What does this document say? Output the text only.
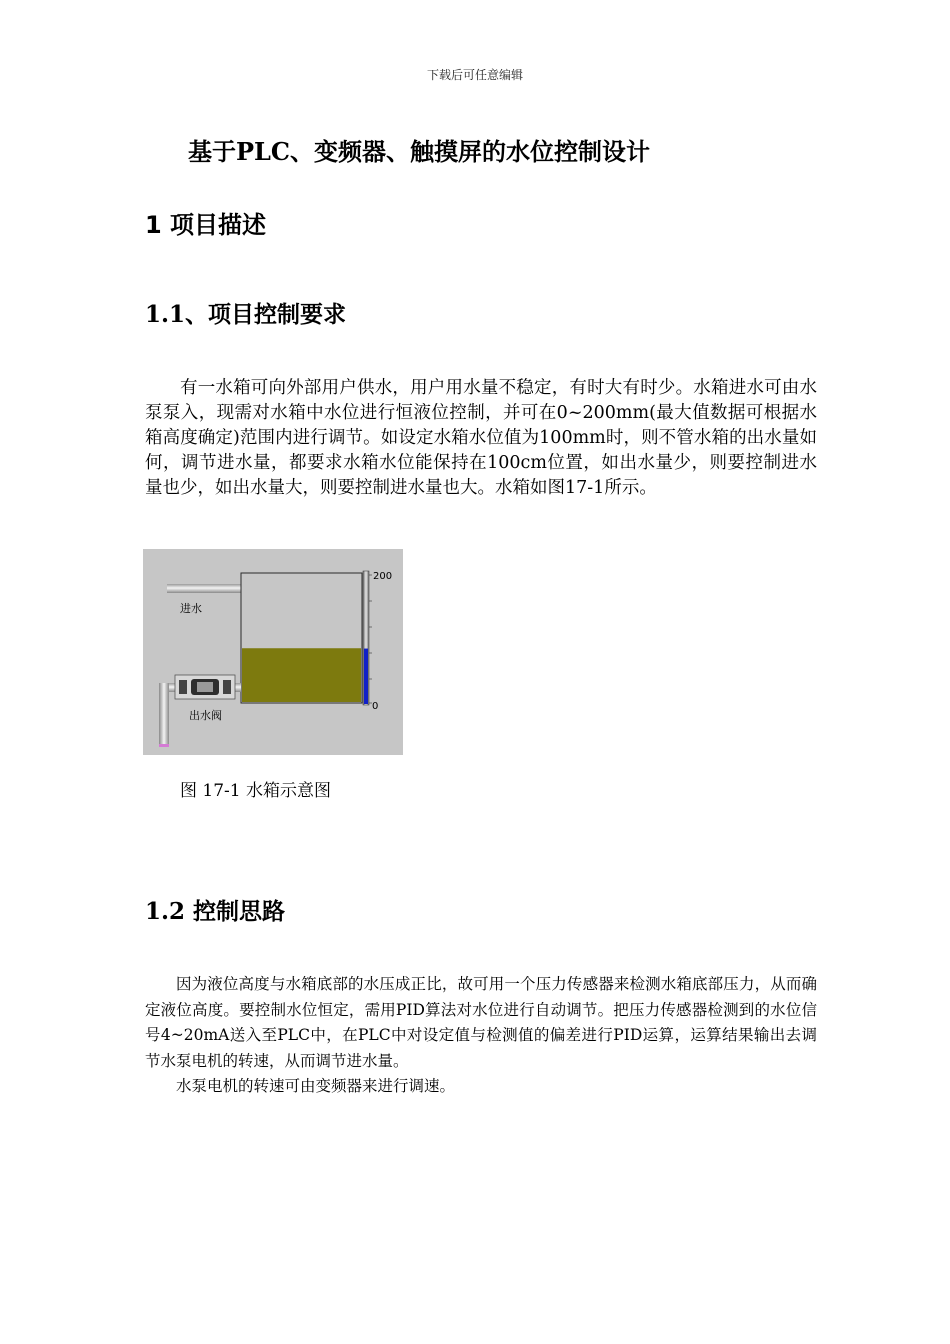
下载后可任意编辑
基于PLC、变频器、触摸屏的水位控制设计
1 项目描述
1.1、项目控制要求

有一水箱可向外部用户供水，用户用水量不稳定，有时大有时少。水箱进水可由水泵泵入，现需对水箱中水位进行恒液位控制，并可在0~200mm(最大值数据可根据水箱高度确定)范围内进行调节。如设定水箱水位值为100mm时，则不管水箱的出水量如何，调节进水量，都要求水箱水位能保持在100cm位置，如出水量少，则要控制进水量也少，如出水量大，则要控制进水量也大。水箱如图17-1所示。

200
0
进水
出水阀
图 17-1 水箱示意图
1.2 控制思路

因为液位高度与水箱底部的水压成正比，故可用一个压力传感器来检测水箱底部压力，从而确定液位高度。要控制水位恒定，需用PID算法对水位进行自动调节。把压力传感器检测到的水位信号4~20mA送入至PLC中，在PLC中对设定值与检测值的偏差进行PID运算，运算结果输出去调节水泵电机的转速，从而调节进水量。

水泵电机的转速可由变频器来进行调速。
